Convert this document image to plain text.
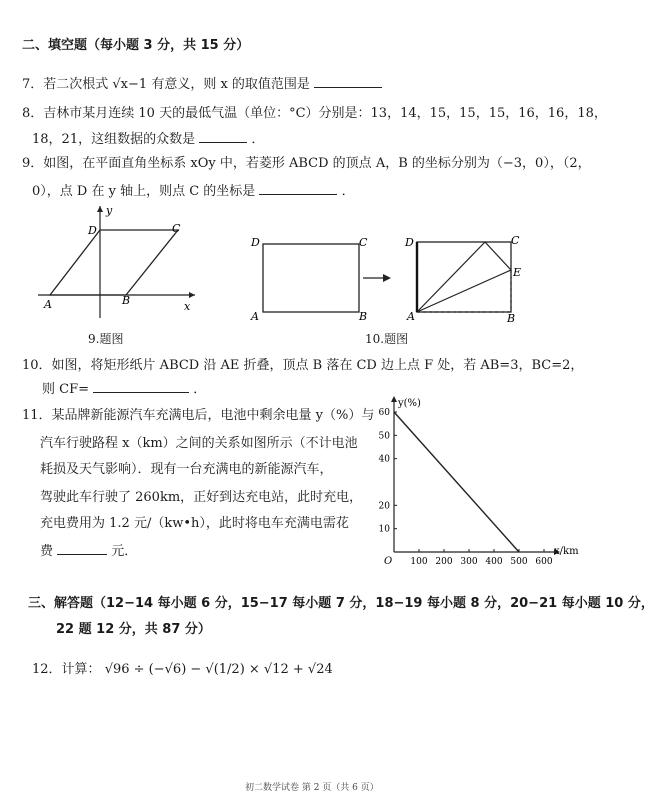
二、填空题（每小题 3 分，共 15 分）
7．若二次根式 √x−1 有意义，则 x 的取值范围是
8．吉林市某月连续 10 天的最低气温（单位：°C）分别是：13，14，15，15，15，16，16，18，
18，21，这组数据的众数是	．
9．如图，在平面直角坐标系 xOy 中，若菱形 ABCD 的顶点 A，B 的坐标分别为（−3，0），（2，
0），点 D 在 y 轴上，则点 C 的坐标是	．
y
x
D	C
A	B
9.题图
D	C
A	B
D	C
E
A	B
10.题图
10．如图，将矩形纸片 ABCD 沿 AE 折叠，顶点 B 落在 CD 边上点 F 处，若 AB=3，BC=2，
则 CF=	．
11．某品牌新能源汽车充满电后，电池中剩余电量 y（%）与
汽车行驶路程 x（km）之间的关系如图所示（不计电池
耗损及天气影响）．现有一台充满电的新能源汽车，
驾驶此车行驶了 260km，正好到达充电站，此时充电，
充电费用为 1.2 元/（kw•h），此时将电车充满电需花
费	元．
y(%)
x/km
O 100 200 300 400 500 600
10
20
40
50
60
三、解答题（12−14 每小题 6 分，15−17 每小题 7 分，18−19 每小题 8 分，20−21 每小题 10 分，
22 题 12 分，共 87 分）
12．计算： √96 ÷ (−√6) − √(1/2) × √12 + √24
初二数学试卷 第 2 页（共 6 页）
